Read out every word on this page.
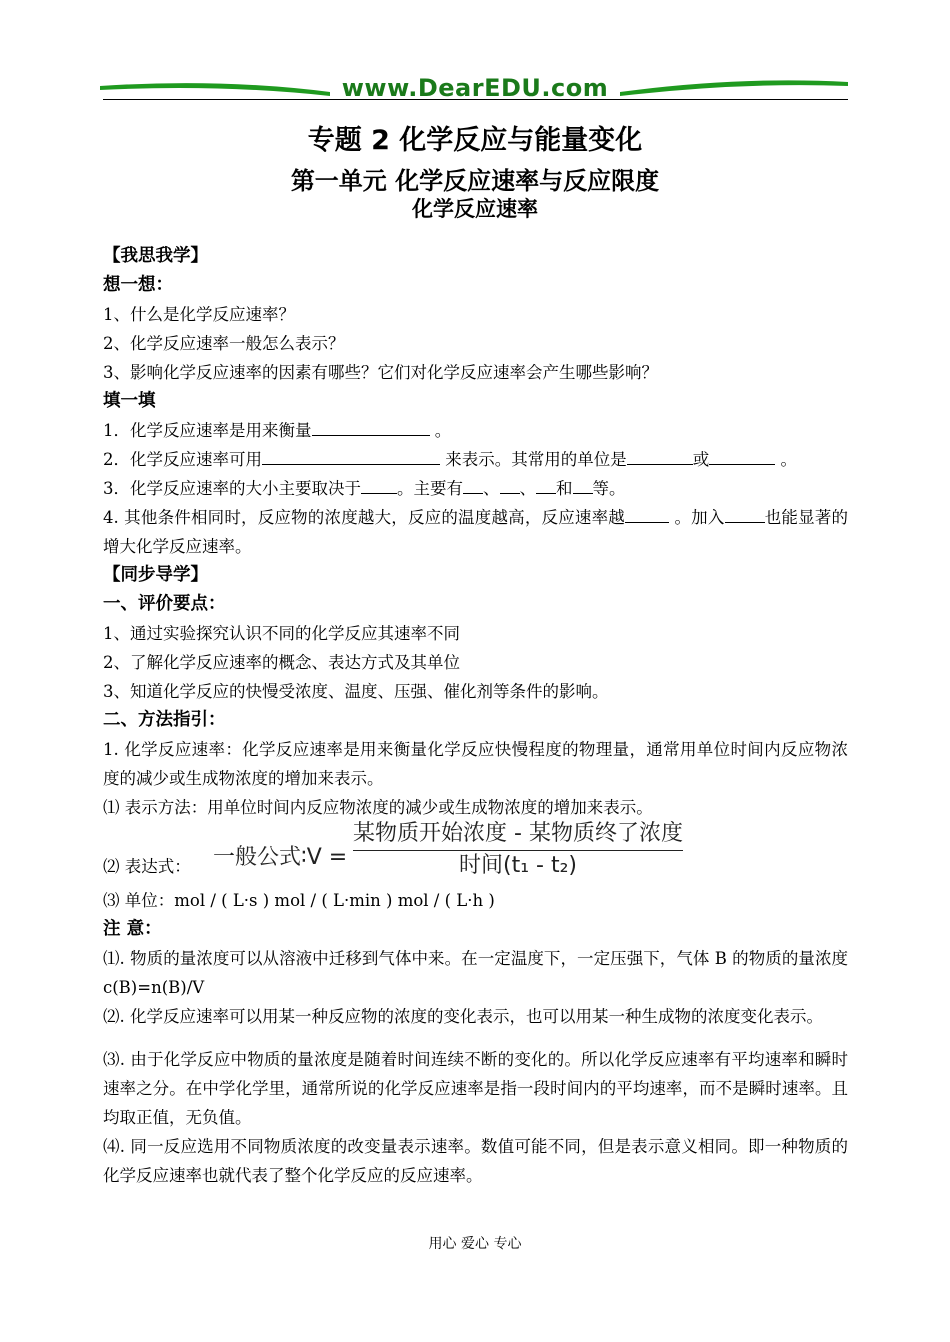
www.DearEDU.com
专题 2 化学反应与能量变化
第一单元 化学反应速率与反应限度
化学反应速率

【我思我学】

想一想：

1、什么是化学反应速率？

2、化学反应速率一般怎么表示？

3、影响化学反应速率的因素有哪些？它们对化学反应速率会产生哪些影响？

填一填

1．化学反应速率是用来衡量	。

2．化学反应速率可用	来表示。其常用的单位是	或	。

3．化学反应速率的大小主要取决于 。主要有 、 、 和 等。

4. 其他条件相同时，反应物的浓度越大，反应的温度越高，反应速率越	。加入 也能显著的增大化学反应速率。

【同步导学】

一、评价要点：

1、通过实验探究认识不同的化学反应其速率不同

2、了解化学反应速率的概念、表达方式及其单位

3、知道化学反应的快慢受浓度、温度、压强、催化剂等条件的影响。

二、方法指引：

1. 化学反应速率：化学反应速率是用来衡量化学反应快慢程度的物理量，通常用单位时间内反应物浓度的减少或生成物浓度的增加来表示。

⑴ 表示方法：用单位时间内反应物浓度的减少或生成物浓度的增加来表示。

一般公式∶V =
某物质开始浓度 - 某物质终了浓度
时间(t₁ - t₂)
⑵ 表达式：

⑶ 单位：mol / ( L·s ) mol / ( L·min ) mol / ( L·h )

注 意：

⑴. 物质的量浓度可以从溶液中迁移到气体中来。在一定温度下，一定压强下，气体 B 的物质的量浓度 c(B)=n(B)/V

⑵. 化学反应速率可以用某一种反应物的浓度的变化表示，也可以用某一种生成物的浓度变化表示。

⑶. 由于化学反应中物质的量浓度是随着时间连续不断的变化的。所以化学反应速率有平均速率和瞬时速率之分。在中学化学里，通常所说的化学反应速率是指一段时间内的平均速率，而不是瞬时速率。且均取正值，无负值。

⑷. 同一反应选用不同物质浓度的改变量表示速率。数值可能不同，但是表示意义相同。即一种物质的化学反应速率也就代表了整个化学反应的反应速率。

用心 爱心 专心
